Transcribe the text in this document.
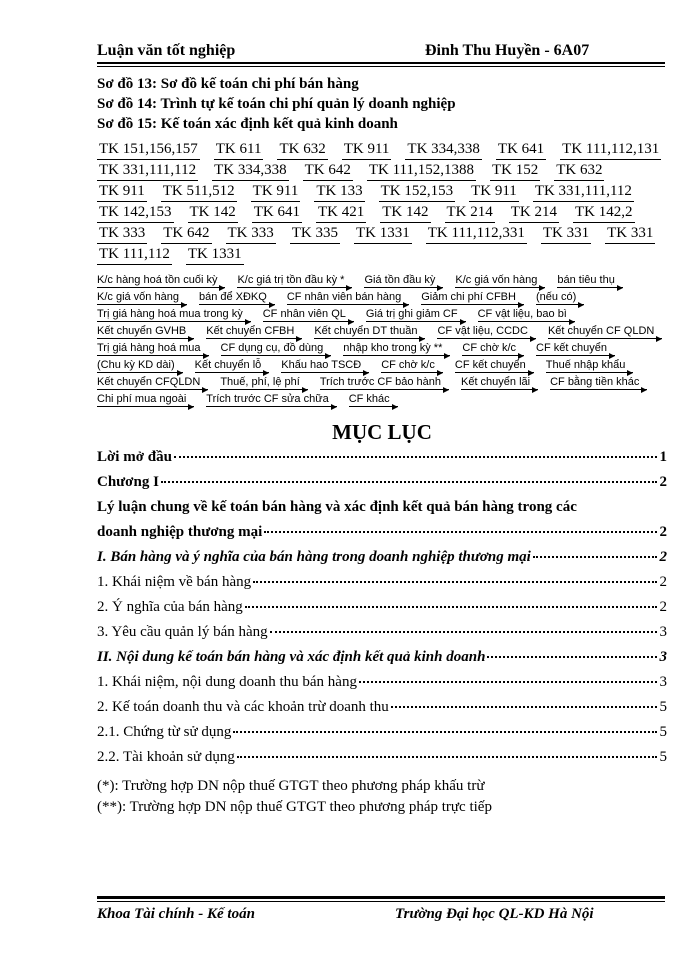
Luận văn tốt nghiệp	Đinh Thu Huyền - 6A07
Sơ đồ 13: Sơ đồ kế toán chi phí bán hàng
Sơ đồ 14: Trình tự kế toán chi phí quản lý doanh nghiệp
Sơ đồ 15: Kế toán xác định kết quả kinh doanh
TK 151,156,157 TK 611 TK 632 TK 911 TK 334,338 TK 641 TK 111,112,131
TK 331,111,112 TK 334,338 TK 642 TK 111,152,1388 TK 152 TK 632
TK 911 TK 511,512 TK 911 TK 133 TK 152,153 TK 911 TK 331,111,112
TK 142,153 TK 142 TK 641 TK 421 TK 142 TK 214 TK 214 TK 142,2
TK 333 TK 642 TK 333 TK 335 TK 1331 TK 111,112,331 TK 331 TK 331
TK 111,112 TK 1331
K/c hàng hoá tồn cuối kỳ	K/c giá trị tồn đầu kỳ *	Giá tồn đầu kỳ	K/c giá vốn hàng	bán tiêu thụ
K/c giá vốn hàng	bán để XĐKQ	CF nhân viên bán hàng	Giảm chi phí CFBH	(nếu có)
Trị giá hàng hoá mua trong kỳ	CF nhân viên QL	Giá trị ghi giảm CF	CF vật liệu, bao bì
Kết chuyển GVHB	Kết chuyển CFBH	Kết chuyển DT thuần	CF vật liệu, CCDC	Kết chuyển CF QLDN
Trị giá hàng hoá mua	CF dụng cụ, đồ dùng	nhập kho trong kỳ **	CF chờ k/c	CF kết chuyển
(Chu kỳ KD dài)	Kết chuyển lỗ	Khấu hao TSCĐ	CF chờ k/c	CF kết chuyển	Thuế nhập khẩu
Kết chuyển CFQLDN	Thuế, phí, lệ phí	Trích trước CF bảo hành	Kết chuyển lãi	CF bằng tiền khác
Chi phí mua ngoài	Trích trước CF sửa chữa	CF khác
MỤC LỤC
Lời mở đầu	1
Chương I	2
Lý luận chung về kế toán bán hàng và xác định kết quả bán hàng trong các
doanh nghiệp thương mại	2
I. Bán hàng và ý nghĩa của bán hàng trong doanh nghiệp thương mại	2
1. Khái niệm về bán hàng	2
2. Ý nghĩa của bán hàng	2
3. Yêu cầu quản lý bán hàng	3
II. Nội dung kế toán bán hàng và xác định kết quả kinh doanh	3
1. Khái niệm, nội dung doanh thu bán hàng	3
2. Kế toán doanh thu và các khoản trừ doanh thu	5
2.1. Chứng từ sử dụng	5
2.2. Tài khoản sử dụng	5
(*): Trường hợp DN nộp thuế GTGT theo phương pháp khấu trừ
(**): Trường hợp DN nộp thuế GTGT theo phương pháp trực tiếp
Khoa Tài chính - Kế toán	Trường Đại học QL-KD Hà Nội
